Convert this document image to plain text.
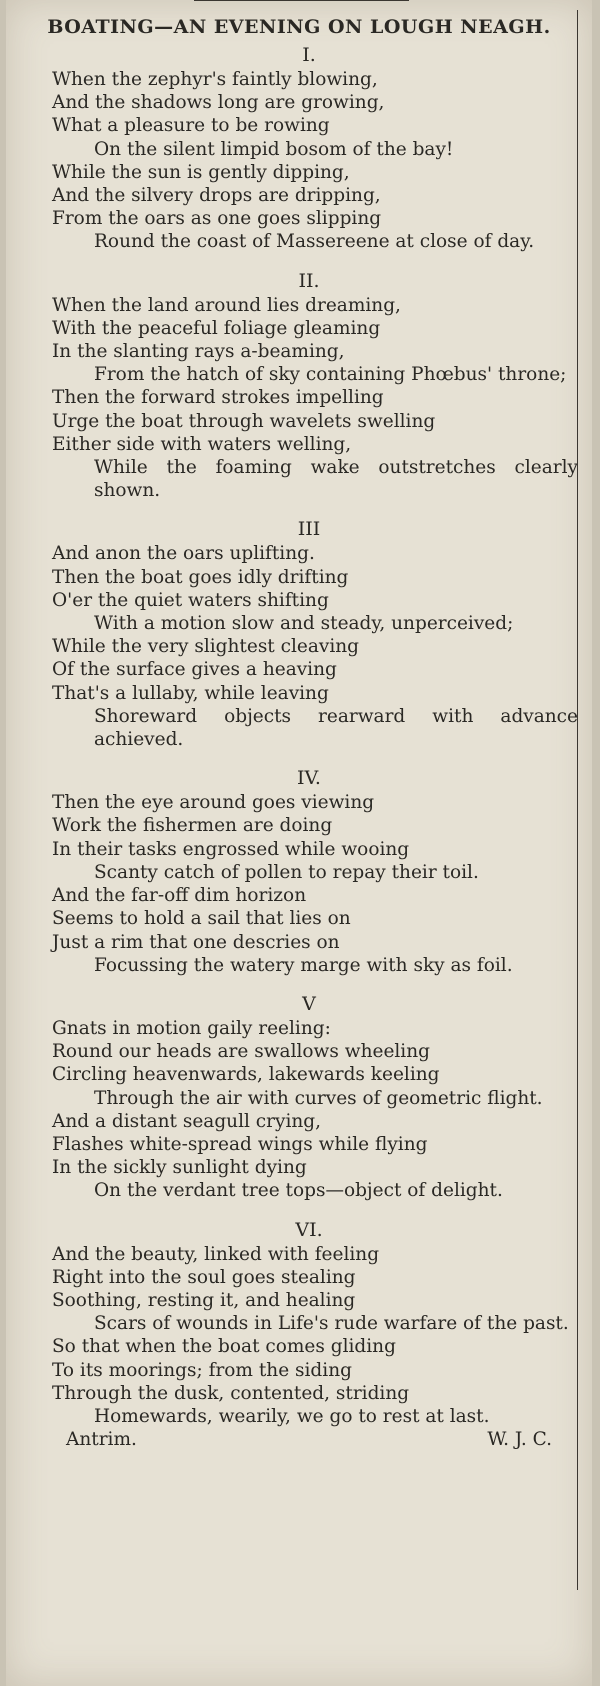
BOATING—AN EVENING ON LOUGH NEAGH.
I.
When the zephyr's faintly blowing,
And the shadows long are growing,
What a pleasure to be rowing
On the silent limpid bosom of the bay!
While the sun is gently dipping,
And the silvery drops are dripping,
From the oars as one goes slipping
Round the coast of Massereene at close of day.
II.
When the land around lies dreaming,
With the peaceful foliage gleaming
In the slanting rays a-beaming,
From the hatch of sky containing Phœbus' throne;
Then the forward strokes impelling
Urge the boat through wavelets swelling
Either side with waters welling,
While the foaming wake outstretches clearly shown.
III
And anon the oars uplifting.
Then the boat goes idly drifting
O'er the quiet waters shifting
With a motion slow and steady, unperceived;
While the very slightest cleaving
Of the surface gives a heaving
That's a lullaby, while leaving
Shoreward objects rearward with advance achieved.
IV.
Then the eye around goes viewing
Work the fishermen are doing
In their tasks engrossed while wooing
Scanty catch of pollen to repay their toil.
And the far-off dim horizon
Seems to hold a sail that lies on
Just a rim that one descries on
Focussing the watery marge with sky as foil.
V
Gnats in motion gaily reeling:
Round our heads are swallows wheeling
Circling heavenwards, lakewards keeling
Through the air with curves of geometric flight.
And a distant seagull crying,
Flashes white-spread wings while flying
In the sickly sunlight dying
On the verdant tree tops—object of delight.
VI.
And the beauty, linked with feeling
Right into the soul goes stealing
Soothing, resting it, and healing
Scars of wounds in Life's rude warfare of the past.
So that when the boat comes gliding
To its moorings; from the siding
Through the dusk, contented, striding
Homewards, wearily, we go to rest at last.
Antrim.	W. J. C.
